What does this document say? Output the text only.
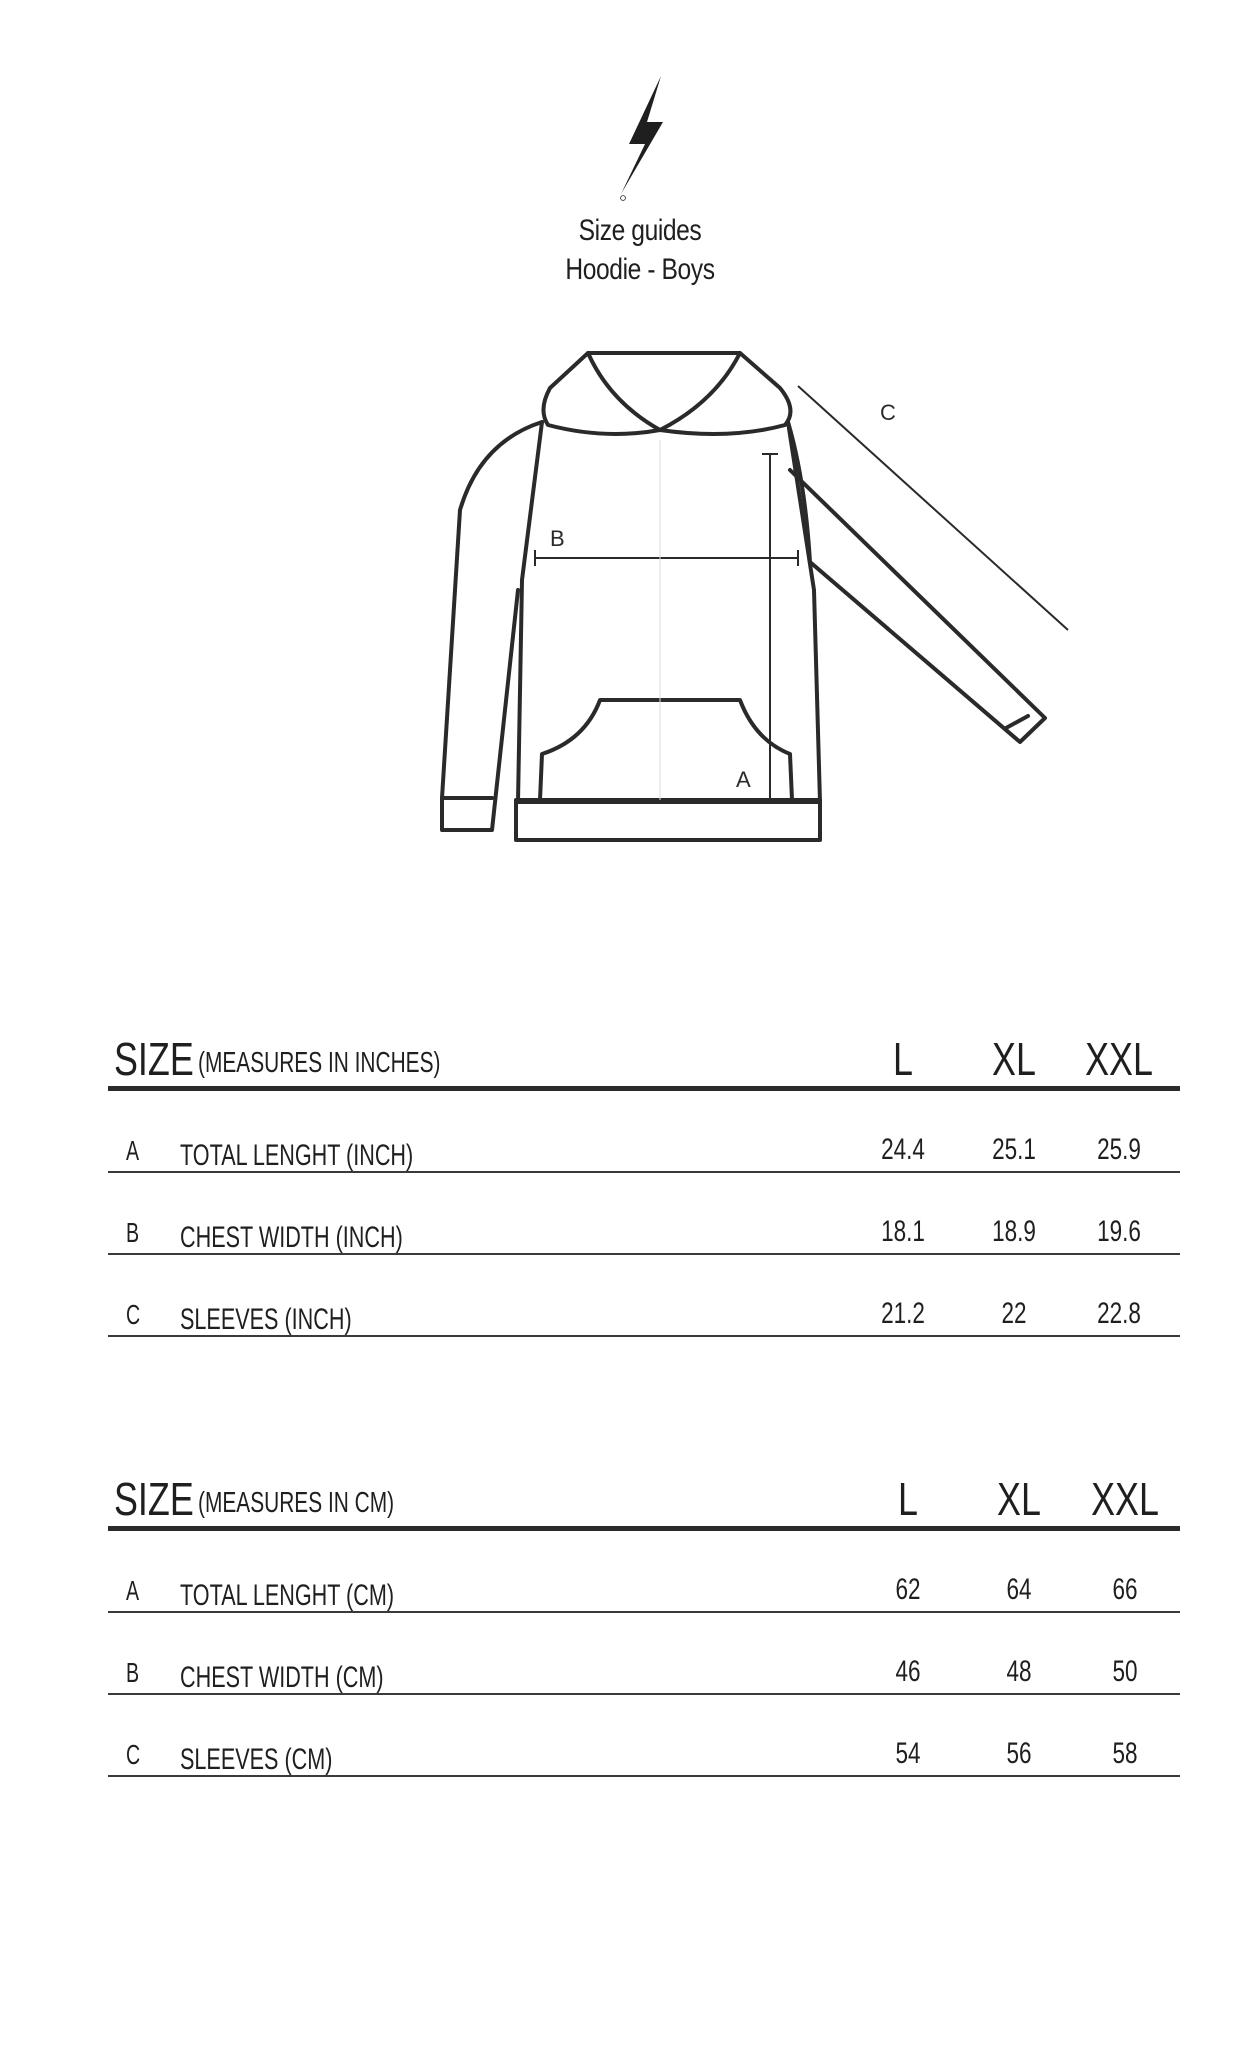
Size guides
Hoodie - Boys
B
A
C
SIZE (MEASURES IN INCHES)	L	XL	XXL
A TOTAL LENGHT (INCH)	24.4	25.1	25.9
B CHEST WIDTH (INCH)	18.1	18.9	19.6
C SLEEVES (INCH)	21.2	22	22.8
SIZE (MEASURES IN CM)	L	XL	XXL
A TOTAL LENGHT (CM)	62	64	66
B CHEST WIDTH (CM)	46	48	50
C SLEEVES (CM)	54	56	58
